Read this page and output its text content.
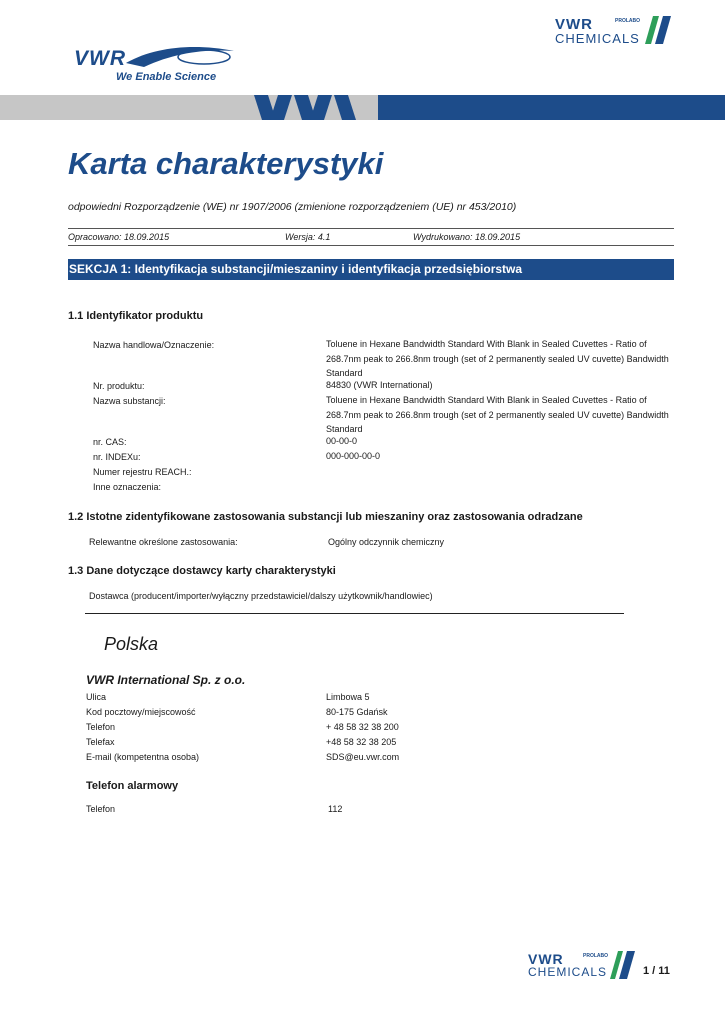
VWR
We Enable Science
VWR	PROLABO
CHEMICALS
Karta charakterystyki
odpowiedni Rozporządzenie (WE) nr 1907/2006 (zmienione rozporządzeniem (UE) nr 453/2010)
Opracowano: 18.09.2015	Wersja: 4.1	Wydrukowano: 18.09.2015
SEKCJA 1: Identyfikacja substancji/mieszaniny i identyfikacja przedsiębiorstwa
1.1 Identyfikator produktu
Nazwa handlowa/Oznaczenie:	Toluene in Hexane Bandwidth Standard With Blank in Sealed Cuvettes - Ratio of 268.7nm peak to 266.8nm trough (set of 2 permanently sealed UV cuvette) Bandwidth Standard
Nr. produktu:	84830 (VWR International)
Nazwa substancji:	Toluene in Hexane Bandwidth Standard With Blank in Sealed Cuvettes - Ratio of 268.7nm peak to 266.8nm trough (set of 2 permanently sealed UV cuvette) Bandwidth Standard
nr. CAS:	00-00-0
nr. INDEXu:	000-000-00-0
Numer rejestru REACH.:
Inne oznaczenia:
1.2 Istotne zidentyfikowane zastosowania substancji lub mieszaniny oraz zastosowania odradzane
Relewantne określone zastosowania:	Ogólny odczynnik chemiczny
1.3 Dane dotyczące dostawcy karty charakterystyki
Dostawca (producent/importer/wyłączny przedstawiciel/dalszy użytkownik/handlowiec)
Polska
VWR International Sp. z o.o.
Ulica	Limbowa 5
Kod pocztowy/miejscowość	80-175 Gdańsk
Telefon	+ 48 58 32 38 200
Telefax	+48 58 32 38 205
E-mail (kompetentna osoba)	SDS@eu.vwr.com
Telefon alarmowy
Telefon	112
VWR	PROLABO
CHEMICALS	1 / 11
